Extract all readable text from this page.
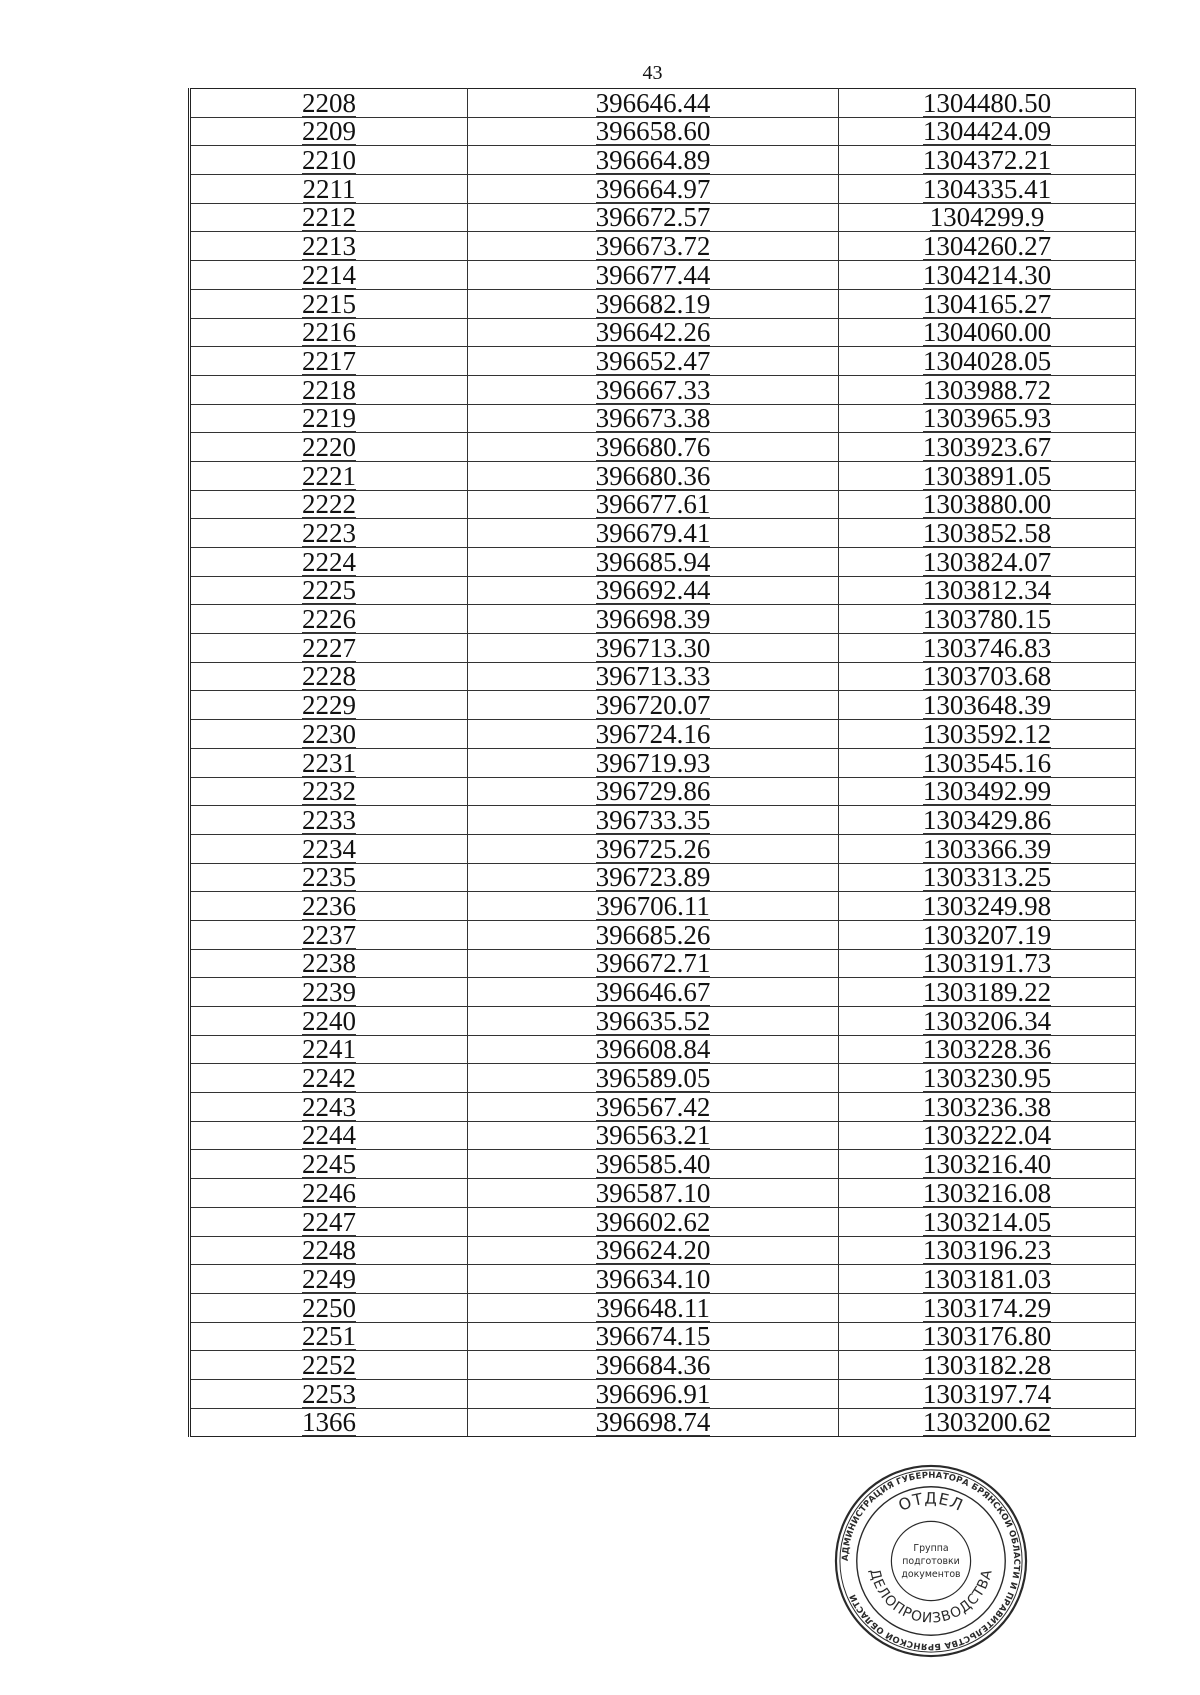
43
2208	396646.44	1304480.50
2209	396658.60	1304424.09
2210	396664.89	1304372.21
2211	396664.97	1304335.41
2212	396672.57	1304299.9
2213	396673.72	1304260.27
2214	396677.44	1304214.30
2215	396682.19	1304165.27
2216	396642.26	1304060.00
2217	396652.47	1304028.05
2218	396667.33	1303988.72
2219	396673.38	1303965.93
2220	396680.76	1303923.67
2221	396680.36	1303891.05
2222	396677.61	1303880.00
2223	396679.41	1303852.58
2224	396685.94	1303824.07
2225	396692.44	1303812.34
2226	396698.39	1303780.15
2227	396713.30	1303746.83
2228	396713.33	1303703.68
2229	396720.07	1303648.39
2230	396724.16	1303592.12
2231	396719.93	1303545.16
2232	396729.86	1303492.99
2233	396733.35	1303429.86
2234	396725.26	1303366.39
2235	396723.89	1303313.25
2236	396706.11	1303249.98
2237	396685.26	1303207.19
2238	396672.71	1303191.73
2239	396646.67	1303189.22
2240	396635.52	1303206.34
2241	396608.84	1303228.36
2242	396589.05	1303230.95
2243	396567.42	1303236.38
2244	396563.21	1303222.04
2245	396585.40	1303216.40
2246	396587.10	1303216.08
2247	396602.62	1303214.05
2248	396624.20	1303196.23
2249	396634.10	1303181.03
2250	396648.11	1303174.29
2251	396674.15	1303176.80
2252	396684.36	1303182.28
2253	396696.91	1303197.74
1366	396698.74	1303200.62
АДМИНИСТРАЦИЯ ГУБЕРНАТОРА БРЯНСКОЙ ОБЛАСТИ И ПРАВИТЕЛЬСТВА БРЯНСКОЙ ОБЛАСТИ
ОТДЕЛ
ДЕЛОПРОИЗВОДСТВА
Группа
подготовки
документов
